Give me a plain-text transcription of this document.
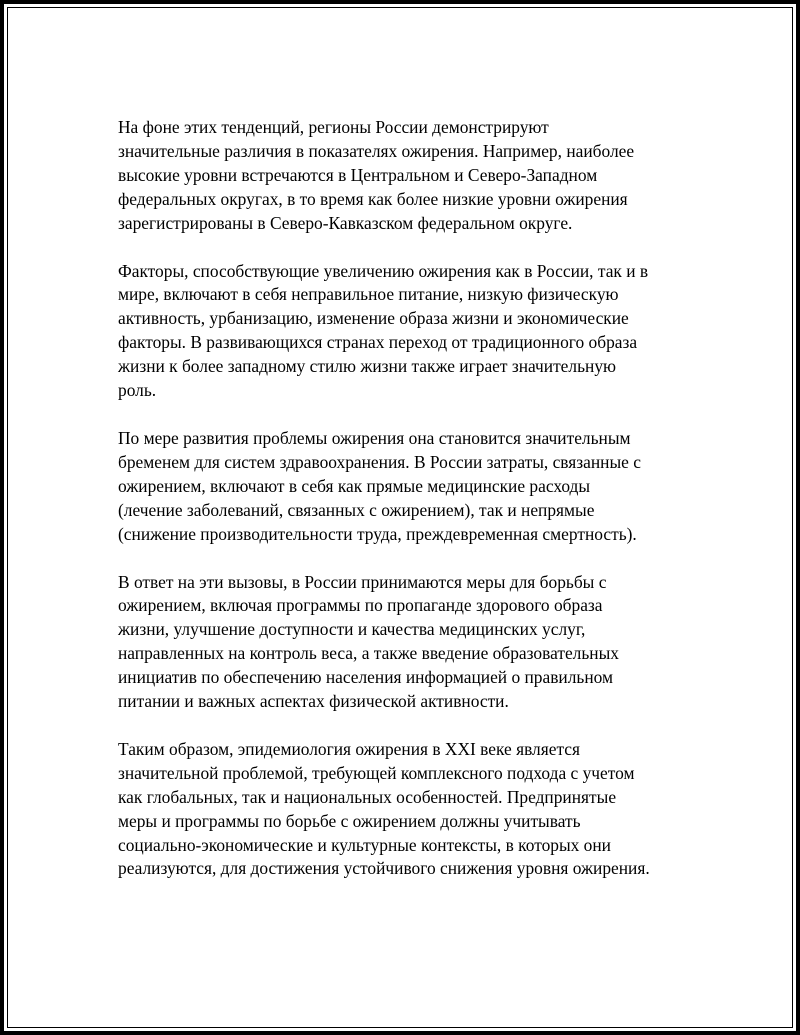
На фоне этих тенденций, регионы России демонстрируют
значительные различия в показателях ожирения. Например, наиболее
высокие уровни встречаются в Центральном и Северо-Западном
федеральных округах, в то время как более низкие уровни ожирения
зарегистрированы в Северо-Кавказском федеральном округе.

Факторы, способствующие увеличению ожирения как в России, так и в
мире, включают в себя неправильное питание, низкую физическую
активность, урбанизацию, изменение образа жизни и экономические
факторы. В развивающихся странах переход от традиционного образа
жизни к более западному стилю жизни также играет значительную
роль.

По мере развития проблемы ожирения она становится значительным
бременем для систем здравоохранения. В России затраты, связанные с
ожирением, включают в себя как прямые медицинские расходы
(лечение заболеваний, связанных с ожирением), так и непрямые
(снижение производительности труда, преждевременная смертность).

В ответ на эти вызовы, в России принимаются меры для борьбы с
ожирением, включая программы по пропаганде здорового образа
жизни, улучшение доступности и качества медицинских услуг,
направленных на контроль веса, а также введение образовательных
инициатив по обеспечению населения информацией о правильном
питании и важных аспектах физической активности.

Таким образом, эпидемиология ожирения в XXI веке является
значительной проблемой, требующей комплексного подхода с учетом
как глобальных, так и национальных особенностей. Предпринятые
меры и программы по борьбе с ожирением должны учитывать
социально-экономические и культурные контексты, в которых они
реализуются, для достижения устойчивого снижения уровня ожирения.
